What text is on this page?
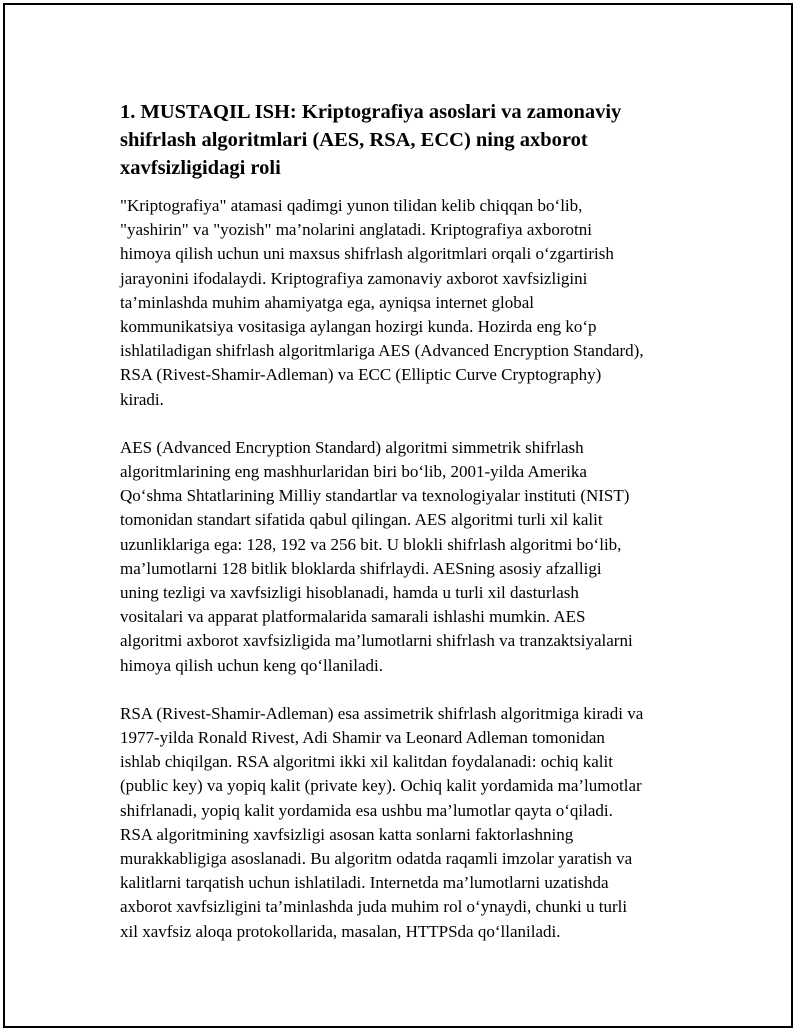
1. MUSTAQIL ISH: Kriptografiya asoslari va zamonaviy
shifrlash algoritmlari (AES, RSA, ECC) ning axborot
xavfsizligidagi roli

"Kriptografiya" atamasi qadimgi yunon tilidan kelib chiqqan bo‘lib,
"yashirin" va "yozish" ma’nolarini anglatadi. Kriptografiya axborotni
himoya qilish uchun uni maxsus shifrlash algoritmlari orqali o‘zgartirish
jarayonini ifodalaydi. Kriptografiya zamonaviy axborot xavfsizligini
ta’minlashda muhim ahamiyatga ega, ayniqsa internet global
kommunikatsiya vositasiga aylangan hozirgi kunda. Hozirda eng ko‘p
ishlatiladigan shifrlash algoritmlariga AES (Advanced Encryption Standard),
RSA (Rivest-Shamir-Adleman) va ECC (Elliptic Curve Cryptography)
kiradi.

AES (Advanced Encryption Standard) algoritmi simmetrik shifrlash
algoritmlarining eng mashhurlaridan biri bo‘lib, 2001-yilda Amerika
Qo‘shma Shtatlarining Milliy standartlar va texnologiyalar instituti (NIST)
tomonidan standart sifatida qabul qilingan. AES algoritmi turli xil kalit
uzunliklariga ega: 128, 192 va 256 bit. U blokli shifrlash algoritmi bo‘lib,
ma’lumotlarni 128 bitlik bloklarda shifrlaydi. AESning asosiy afzalligi
uning tezligi va xavfsizligi hisoblanadi, hamda u turli xil dasturlash
vositalari va apparat platformalarida samarali ishlashi mumkin. AES
algoritmi axborot xavfsizligida ma’lumotlarni shifrlash va tranzaktsiyalarni
himoya qilish uchun keng qo‘llaniladi.

RSA (Rivest-Shamir-Adleman) esa assimetrik shifrlash algoritmiga kiradi va
1977-yilda Ronald Rivest, Adi Shamir va Leonard Adleman tomonidan
ishlab chiqilgan. RSA algoritmi ikki xil kalitdan foydalanadi: ochiq kalit
(public key) va yopiq kalit (private key). Ochiq kalit yordamida ma’lumotlar
shifrlanadi, yopiq kalit yordamida esa ushbu ma’lumotlar qayta o‘qiladi.
RSA algoritmining xavfsizligi asosan katta sonlarni faktorlashning
murakkabligiga asoslanadi. Bu algoritm odatda raqamli imzolar yaratish va
kalitlarni tarqatish uchun ishlatiladi. Internetda ma’lumotlarni uzatishda
axborot xavfsizligini ta’minlashda juda muhim rol o‘ynaydi, chunki u turli
xil xavfsiz aloqa protokollarida, masalan, HTTPSda qo‘llaniladi.
